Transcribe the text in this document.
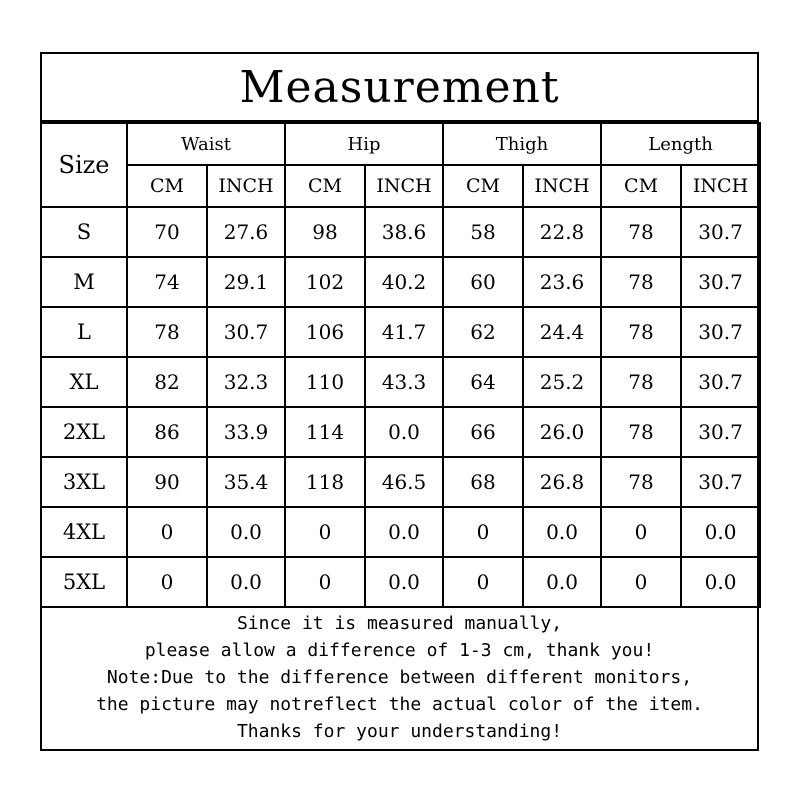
Measurement
Size	Waist		Hip		Thigh		Length	
	CM	INCH	CM	INCH	CM	INCH	CM	INCH
S	70	27.6	98	38.6	58	22.8	78	30.7
M	74	29.1	102	40.2	60	23.6	78	30.7
L	78	30.7	106	41.7	62	24.4	78	30.7
XL	82	32.3	110	43.3	64	25.2	78	30.7
2XL	86	33.9	114	0.0	66	26.0	78	30.7
3XL	90	35.4	118	46.5	68	26.8	78	30.7
4XL	0	0.0	0	0.0	0	0.0	0	0.0
5XL	0	0.0	0	0.0	0	0.0	0	0.0
Since it is measured manually,
please allow a difference of 1-3 cm, thank you!
Note:Due to the difference between different monitors,
the picture may notreflect the actual color of the item.
Thanks for your understanding!
